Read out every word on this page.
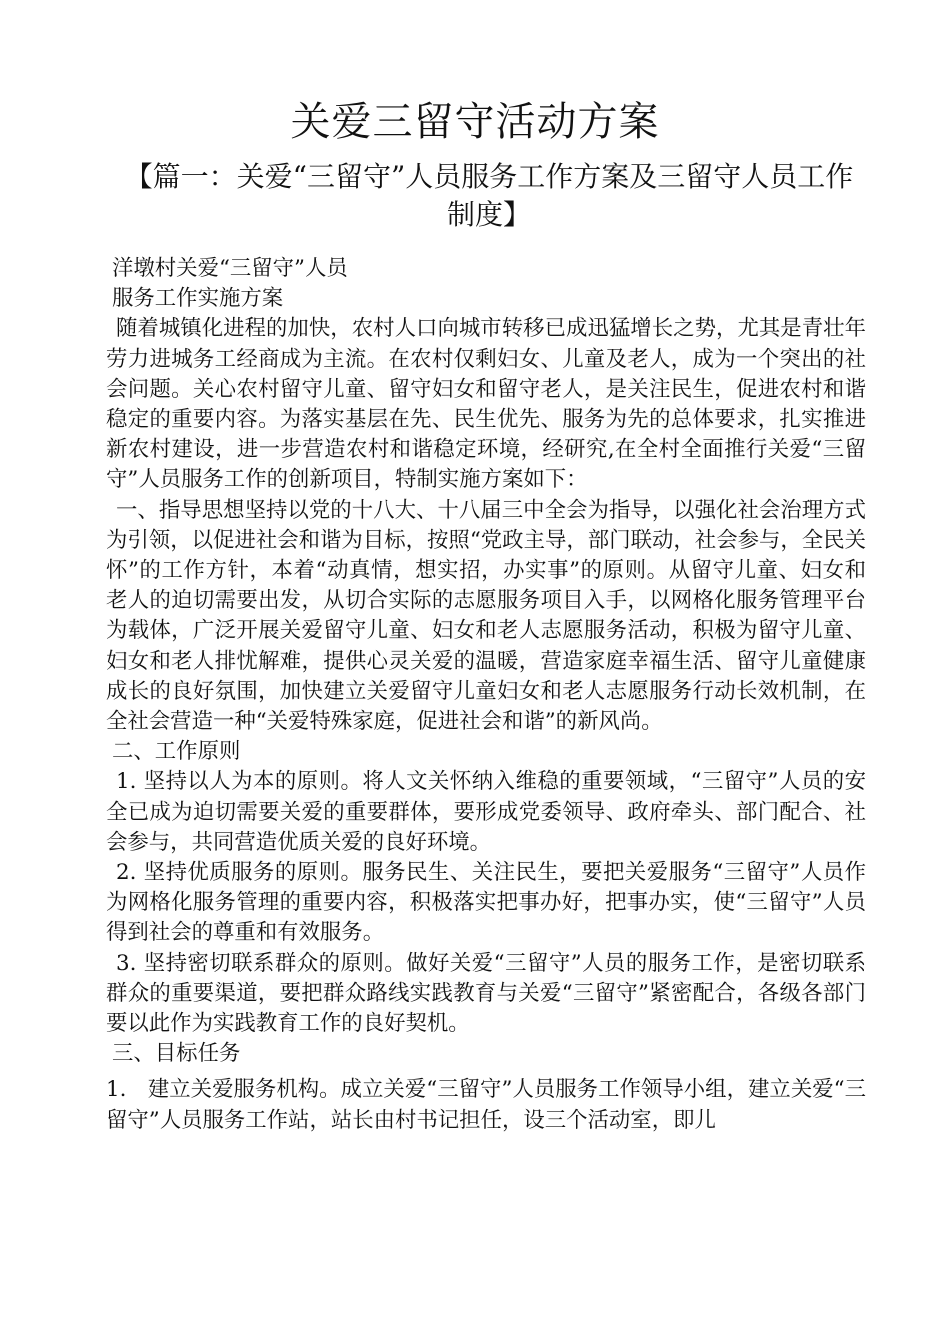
关爱三留守活动方案
【篇一：关爱“三留守”人员服务工作方案及三留守人员工作制度】

洋墩村关爱“三留守”人员

服务工作实施方案

随着城镇化进程的加快，农村人口向城市转移已成迅猛增长之势，尤其是青壮年劳力进城务工经商成为主流。在农村仅剩妇女、儿童及老人，成为一个突出的社会问题。关心农村留守儿童、留守妇女和留守老人，是关注民生，促进农村和谐稳定的重要内容。为落实基层在先、民生优先、服务为先的总体要求，扎实推进新农村建设，进一步营造农村和谐稳定环境，经研究,在全村全面推行关爱“三留守”人员服务工作的创新项目，特制实施方案如下：

一、指导思想坚持以党的十八大、十八届三中全会为指导，以强化社会治理方式为引领，以促进社会和谐为目标，按照“党政主导，部门联动，社会参与，全民关怀”的工作方针，本着“动真情，想实招，办实事”的原则。从留守儿童、妇女和老人的迫切需要出发，从切合实际的志愿服务项目入手，以网格化服务管理平台为载体，广泛开展关爱留守儿童、妇女和老人志愿服务活动，积极为留守儿童、妇女和老人排忧解难，提供心灵关爱的温暖，营造家庭幸福生活、留守儿童健康成长的良好氛围，加快建立关爱留守儿童妇女和老人志愿服务行动长效机制，在全社会营造一种“关爱特殊家庭，促进社会和谐”的新风尚。

二、工作原则

1. 坚持以人为本的原则。将人文关怀纳入维稳的重要领域，“三留守”人员的安全已成为迫切需要关爱的重要群体，要形成党委领导、政府牵头、部门配合、社会参与，共同营造优质关爱的良好环境。

2. 坚持优质服务的原则。服务民生、关注民生，要把关爱服务“三留守”人员作为网格化服务管理的重要内容，积极落实把事办好，把事办实，使“三留守”人员得到社会的尊重和有效服务。

3. 坚持密切联系群众的原则。做好关爱“三留守”人员的服务工作，是密切联系群众的重要渠道，要把群众路线实践教育与关爱“三留守”紧密配合，各级各部门要以此作为实践教育工作的良好契机。

三、目标任务

1.　建立关爱服务机构。成立关爱“三留守”人员服务工作领导小组，建立关爱“三留守”人员服务工作站，站长由村书记担任，设三个活动室，即儿
